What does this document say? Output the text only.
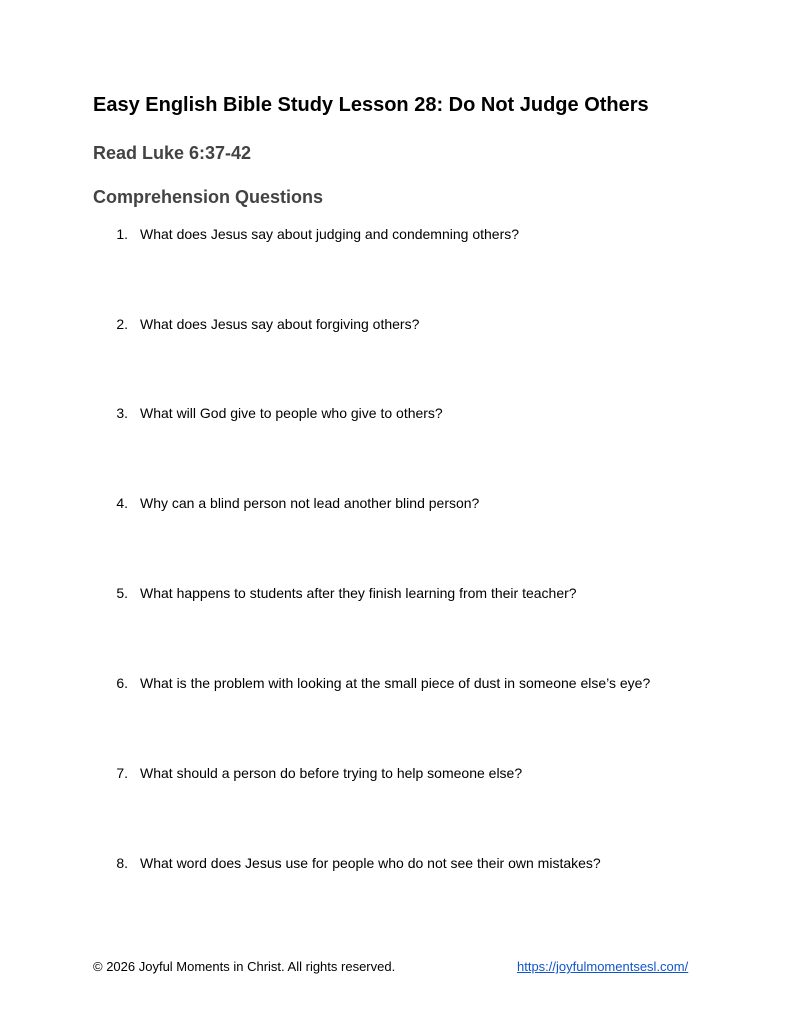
Easy English Bible Study Lesson 28: Do Not Judge Others
Read Luke 6:37-42
Comprehension Questions
1. What does Jesus say about judging and condemning others?
2. What does Jesus say about forgiving others?
3. What will God give to people who give to others?
4. Why can a blind person not lead another blind person?
5. What happens to students after they finish learning from their teacher?
6. What is the problem with looking at the small piece of dust in someone else’s eye?
7. What should a person do before trying to help someone else?
8. What word does Jesus use for people who do not see their own mistakes?
© 2026 Joyful Moments in Christ. All rights reserved.	https://joyfulmomentsesl.com/
